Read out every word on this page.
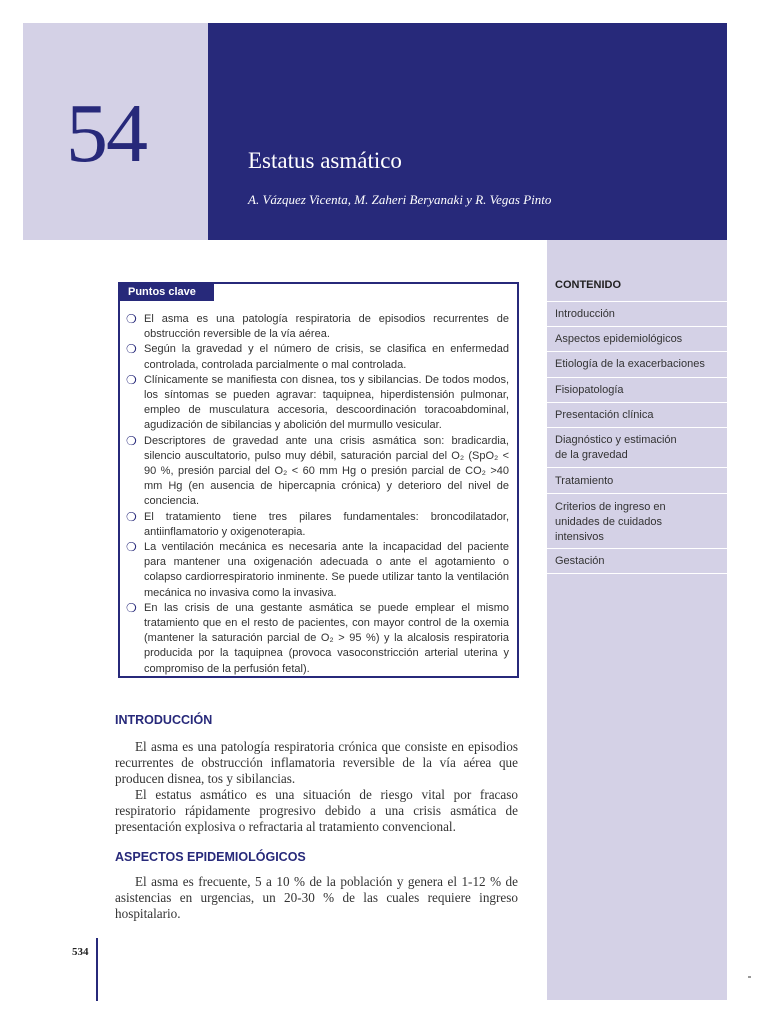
54	Estatus asmático
A. Vázquez Vicenta, M. Zaheri Beryanaki y R. Vegas Pinto
CONTENIDO
Introducción
Aspectos epidemiológicos
Etiología de la exacerbaciones
Fisiopatología
Presentación clínica
Diagnóstico y estimación de la gravedad
Tratamiento
Criterios de ingreso en unidades de cuidados intensivos
Gestación
Puntos clave
❍ El asma es una patología respiratoria de episodios recurrentes de obstrucción reversible de la vía aérea.
❍ Según la gravedad y el número de crisis, se clasifica en enfermedad controlada, controlada parcialmente o mal controlada.
❍ Clínicamente se manifiesta con disnea, tos y sibilancias. De todos modos, los síntomas se pueden agravar: taquipnea, hiperdistensión pulmonar, empleo de musculatura accesoria, descoordinación toracoabdominal, agudización de sibilancias y abolición del murmullo vesicular.
❍ Descriptores de gravedad ante una crisis asmática son: bradicardia, silencio auscultatorio, pulso muy débil, saturación parcial del O₂ (SpO₂ < 90 %, presión parcial del O₂ < 60 mm Hg o presión parcial de CO₂ >40 mm Hg (en ausencia de hipercapnia crónica) y deterioro del nivel de conciencia.
❍ El tratamiento tiene tres pilares fundamentales: broncodilatador, antiinflamatorio y oxigenoterapia.
❍ La ventilación mecánica es necesaria ante la incapacidad del paciente para mantener una oxigenación adecuada o ante el agotamiento o colapso cardiorrespiratorio inminente. Se puede utilizar tanto la ventilación mecánica no invasiva como la invasiva.
❍ En las crisis de una gestante asmática se puede emplear el mismo tratamiento que en el resto de pacientes, con mayor control de la oxemia (mantener la saturación parcial de O₂ > 95 %) y la alcalosis respiratoria producida por la taquipnea (provoca vasoconstricción arterial uterina y compromiso de la perfusión fetal).
INTRODUCCIÓN

El asma es una patología respiratoria crónica que consiste en episodios recurrentes de obstrucción inflamatoria reversible de la vía aérea que producen disnea, tos y sibilancias.

El estatus asmático es una situación de riesgo vital por fracaso respiratorio rápidamente progresivo debido a una crisis asmática de presentación explosiva o refractaria al tratamiento convencional.

ASPECTOS EPIDEMIOLÓGICOS

El asma es frecuente, 5 a 10 % de la población y genera el 1-12 % de asistencias en urgencias, un 20-30 % de las cuales requiere ingreso hospitalario.

534
